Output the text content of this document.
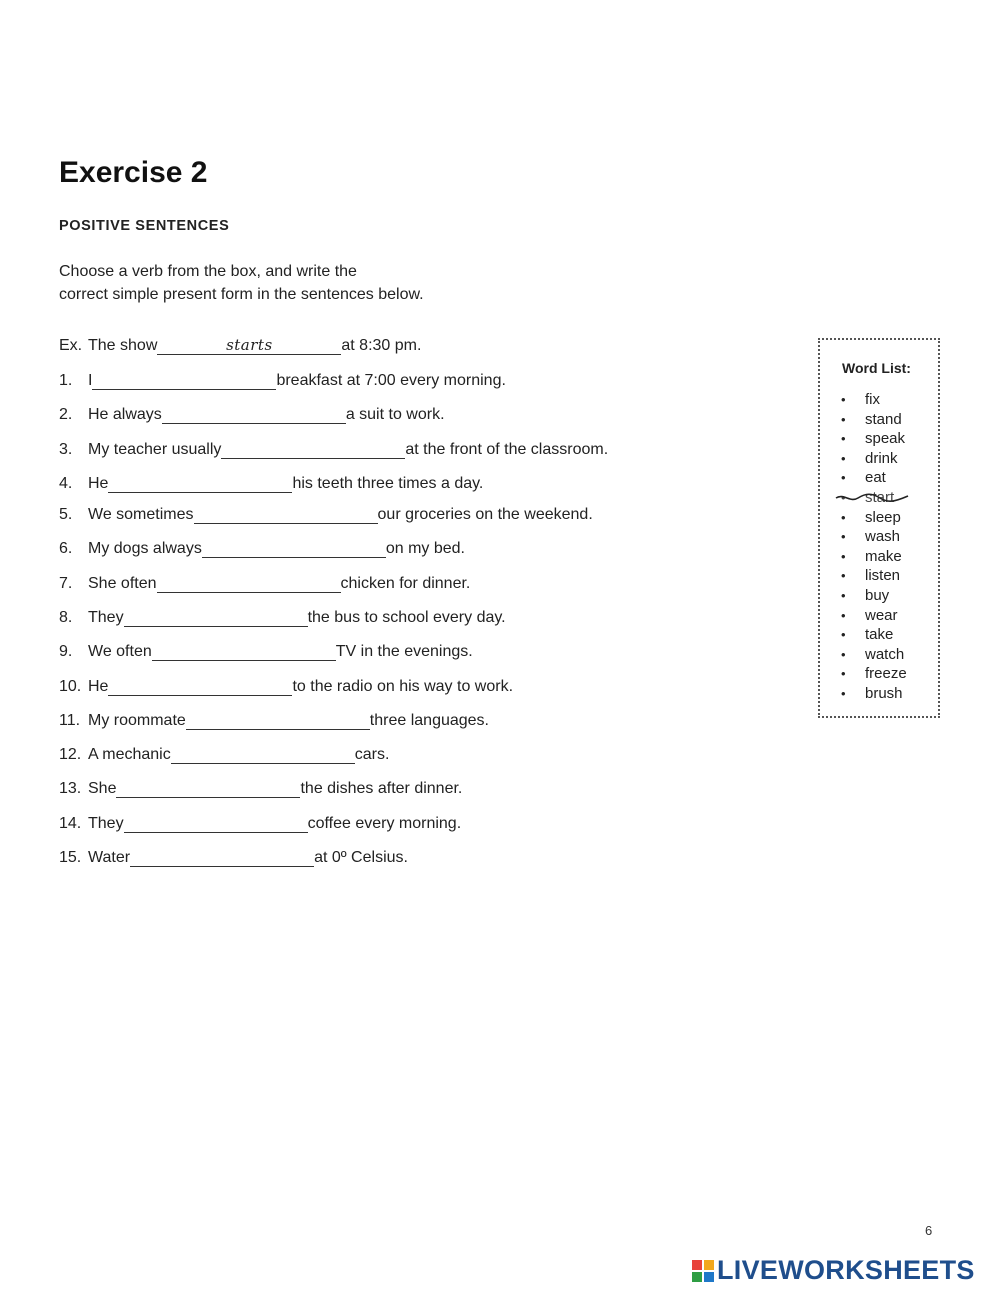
Exercise 2
POSITIVE SENTENCES
Choose a verb from the box, and write the
correct simple present form in the sentences below.
Ex. The show	starts	at 8:30 pm.
1. I	breakfast at 7:00 every morning.
2. He always	a suit to work.
3. My teacher usually	at the front of the classroom.
4. He	his teeth three times a day.
5. We sometimes	our groceries on the weekend.
6. My dogs always	on my bed.
7. She often	chicken for dinner.
8. They	the bus to school every day.
9. We often	TV in the evenings.
10. He	to the radio on his way to work.
11. My roommate	three languages.
12. A mechanic	cars.
13. She	the dishes after dinner.
14. They	coffee every morning.
15. Water	at 0º Celsius.
Word List:
• fix
• stand
• speak
• drink
• eat
• start
• sleep
• wash
• make
• listen
• buy
• wear
• take
• watch
• freeze
• brush
6
LIVEWORKSHEETS
